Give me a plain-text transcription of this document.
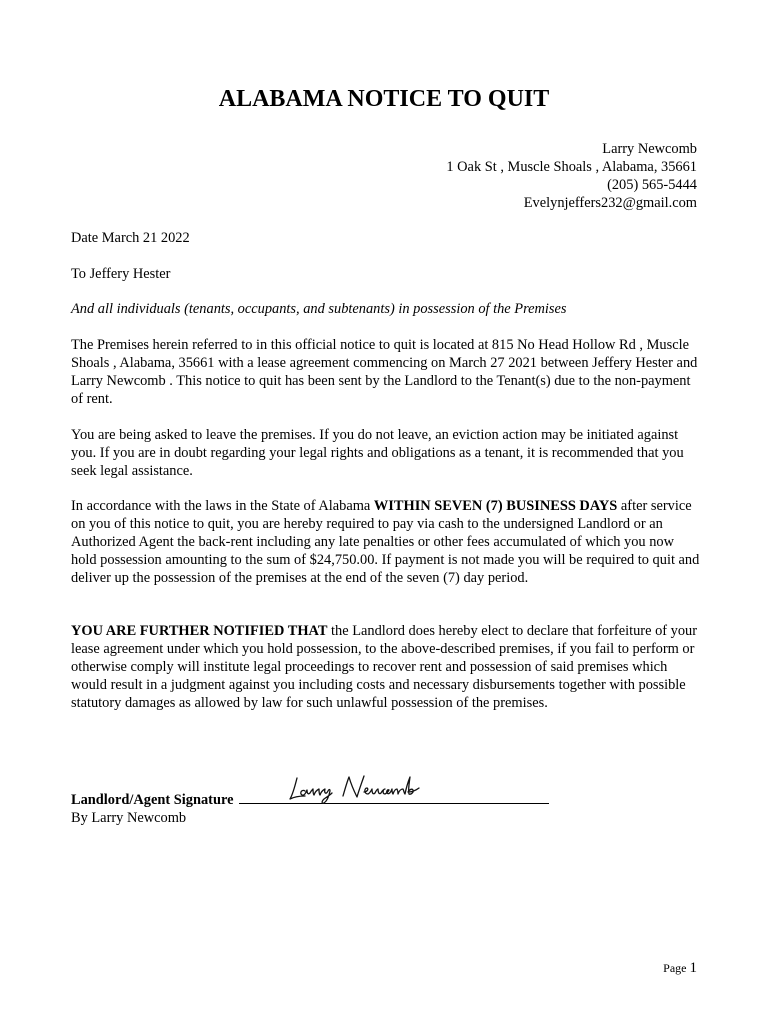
ALABAMA NOTICE TO QUIT
Larry Newcomb
1 Oak St , Muscle Shoals , Alabama, 35661
(205) 565-5444
Evelynjeffers232@gmail.com

Date March 21 2022

To Jeffery Hester

And all individuals (tenants, occupants, and subtenants) in possession of the Premises

The Premises herein referred to in this official notice to quit is located at 815 No Head Hollow Rd , Muscle Shoals , Alabama, 35661 with a lease agreement commencing on March 27 2021 between Jeffery Hester and Larry Newcomb . This notice to quit has been sent by the Landlord to the Tenant(s) due to the non-payment of rent.

You are being asked to leave the premises. If you do not leave, an eviction action may be initiated against you. If you are in doubt regarding your legal rights and obligations as a tenant, it is recommended that you seek legal assistance.

In accordance with the laws in the State of Alabama WITHIN SEVEN (7) BUSINESS DAYS after service on you of this notice to quit, you are hereby required to pay via cash to the undersigned Landlord or an Authorized Agent the back-rent including any late penalties or other fees accumulated of which you now hold possession amounting to the sum of $24,750.00. If payment is not made you will be required to quit and deliver up the possession of the premises at the end of the seven (7) day period.

YOU ARE FURTHER NOTIFIED THAT the Landlord does hereby elect to declare that forfeiture of your lease agreement under which you hold possession, to the above-described premises, if you fail to perform or otherwise comply will institute legal proceedings to recover rent and possession of said premises which would result in a judgment against you including costs and necessary disbursements together with possible statutory damages as allowed by law for such unlawful possession of the premises.

Landlord/Agent Signature
By Larry Newcomb
Page 1
